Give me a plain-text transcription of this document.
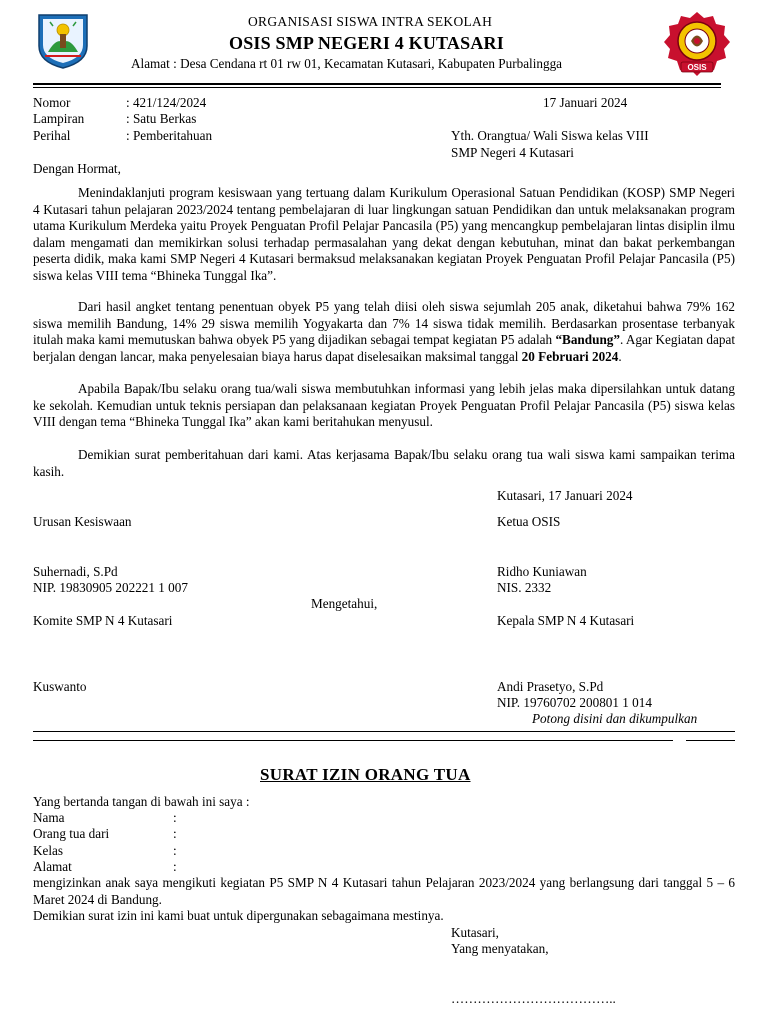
OSIS
ORGANISASI SISWA INTRA SEKOLAH
OSIS SMP NEGERI 4 KUTASARI
Alamat : Desa Cendana rt 01 rw 01, Kecamatan Kutasari, Kabupaten Purbalingga
Nomor	: 421/124/2024	17 Januari 2024
Lampiran	: Satu Berkas
Perihal	: Pemberitahuan	Yth. Orangtua/ Wali Siswa kelas VIII
SMP Negeri 4 Kutasari
Dengan Hormat,
Menindaklanjuti program kesiswaan yang tertuang dalam Kurikulum Operasional Satuan Pendidikan (KOSP) SMP Negeri 4 Kutasari tahun pelajaran 2023/2024 tentang pembelajaran di luar lingkungan satuan Pendidikan dan untuk melaksanakan program utama Kurikulum Merdeka yaitu Proyek Penguatan Profil Pelajar Pancasila (P5) yang mencangkup pembelajaran lintas disiplin ilmu dalam mengamati dan memikirkan solusi terhadap permasalahan yang dekat dengan kebutuhan, minat dan bakat perkembangan peserta didik, maka kami SMP Negeri 4 Kutasari bermaksud melaksanakan kegiatan Proyek Penguatan Profil Pelajar Pancasila (P5) siswa kelas VIII tema “Bhineka Tunggal Ika”.
Dari hasil angket tentang penentuan obyek P5 yang telah diisi oleh siswa sejumlah 205 anak, diketahui bahwa 79% 162 siswa memilih Bandung, 14% 29 siswa memilih Yogyakarta dan 7% 14 siswa tidak memilih. Berdasarkan prosentase terbanyak itulah maka kami memutuskan bahwa obyek P5 yang dijadikan sebagai tempat kegiatan P5 adalah “Bandung”. Agar Kegiatan dapat berjalan dengan lancar, maka penyelesaian biaya harus dapat diselesaikan maksimal tanggal 20 Februari 2024.
Apabila Bapak/Ibu selaku orang tua/wali siswa membutuhkan informasi yang lebih jelas maka dipersilahkan untuk datang ke sekolah. Kemudian untuk teknis persiapan dan pelaksanaan kegiatan Proyek Penguatan Profil Pelajar Pancasila (P5) siswa kelas VIII dengan tema “Bhineka Tunggal Ika” akan kami beritahukan menyusul.
Demikian surat pemberitahuan dari kami. Atas kerjasama Bapak/Ibu selaku orang tua wali siswa kami sampaikan terima kasih.
Kutasari, 17 Januari 2024
Urusan Kesiswaan	Ketua OSIS
Suhernadi, S.Pd	Ridho Kuniawan
NIP. 19830905 202221 1 007	NIS. 2332
Mengetahui,
Komite SMP N 4 Kutasari	Kepala SMP N 4 Kutasari
Kuswanto	Andi Prasetyo, S.Pd
NIP. 19760702 200801 1 014
Potong disini dan dikumpulkan
SURAT IZIN ORANG TUA
Yang bertanda tangan di bawah ini saya :
Nama	:
Orang tua dari	:
Kelas	:
Alamat	:
mengizinkan anak saya mengikuti kegiatan P5 SMP N 4 Kutasari tahun Pelajaran 2023/2024 yang berlangsung dari tanggal 5 – 6 Maret 2024 di Bandung.
Demikian surat izin ini kami buat untuk dipergunakan sebagaimana mestinya.
Kutasari,
Yang menyatakan,
………………………………..
